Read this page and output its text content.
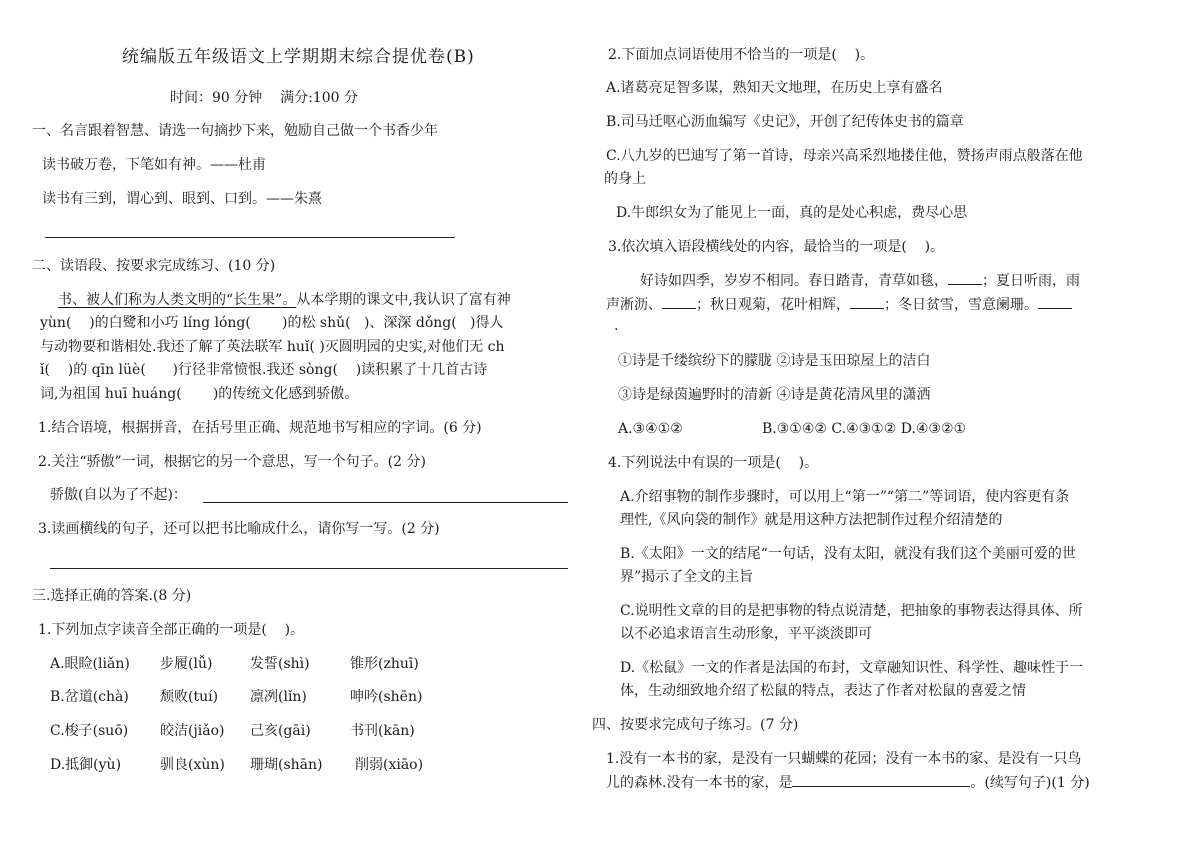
统编版五年级语文上学期期末综合提优卷(B)
时间：90 分钟    满分:100 分
一、名言跟着智慧、请选一句摘抄下来，勉励自己做一个书香少年
读书破万卷，下笔如有神。——杜甫
读书有三到，谓心到、眼到、口到。——朱熹
二、读语段、按要求完成练习、(10 分)
书、被人们称为人类文明的“长生果”。从本学期的课文中,我认识了富有神
yùn(    )的白鹭和小巧 líng lóng(       )的松 shǔ(   )、深深 dǒng(   )得人
与动物要和谐相处.我还了解了英法联军 huǐ( )灭圆明园的史实,对他们无 ch
ǐ(    )的 qīn lüè(      )行径非常愤恨.我还 sòng(    )读积累了十几首古诗
词,为祖国 huī huáng(       )的传统文化感到骄傲。
1.结合语境，根据拼音，在括号里正确、规范地书写相应的字词。(6 分)
2.关注“骄傲”一词，根据它的另一个意思，写一个句子。(2 分)
骄傲(自以为了不起)：
3.读画横线的句子，还可以把书比喻成什么，请你写一写。(2 分)
三.选择正确的答案.(8 分)
1.下列加点字读音全部正确的一项是(    )。
A.眼睑(liǎn) 步履(lǚ)	发誓(shì)	锥形(zhuī)
B.岔道(chà) 颓败(tuí) 凛冽(lǐn)	呻吟(shēn)
C.梭子(suō) 皎洁(jiǎo) 己亥(gāi)	书刊(kān)
D.抵御(yù)	驯良(xùn) 珊瑚(shān) 削弱(xiāo)
2.下面加点词语使用不恰当的一项是(    )。
A.诸葛亮足智多谋，熟知天文地理，在历史上享有盛名
B.司马迁呕心沥血编写《史记》，开创了纪传体史书的篇章
C.八九岁的巴迪写了第一首诗，母亲兴高采烈地搂住他，赞扬声雨点般落在他
的身上
D.牛郎织女为了能见上一面，真的是处心积虑，费尽心思
3.依次填入语段横线处的内容，最恰当的一项是(    )。
好诗如四季，岁岁不相同。春日踏青，青草如毯， ；夏日听雨，雨
声淅沥、 ；秋日观菊，花叶相辉， ；冬日贫雪，雪意阑珊。
.
①诗是千缕缤纷下的朦胧 ②诗是玉田琼屋上的洁白
③诗是绿茵遍野时的清新 ④诗是黄花清风里的潇洒
A.③④①②	B.③①④② C.④③①② D.④③②①
4.下列说法中有误的一项是(    )。
A.介绍事物的制作步骤时，可以用上“第一”“第二”等词语，使内容更有条
理性,《风向袋的制作》就是用这种方法把制作过程介绍清楚的
B.《太阳》一文的结尾“一句话，没有太阳，就没有我们这个美丽可爱的世
界”揭示了全文的主旨
C.说明性文章的目的是把事物的特点说清楚，把抽象的事物表达得具体、所
以不必追求语言生动形象，平平淡淡即可
D.《松鼠》一文的作者是法国的布封，文章融知识性、科学性、趣味性于一
体，生动细致地介绍了松鼠的特点，表达了作者对松鼠的喜爱之情
四、按要求完成句子练习。(7 分)
1.没有一本书的家，是没有一只蝴蝶的花园；没有一本书的家、是没有一只鸟
儿的森林.没有一本书的家，是	。(续写句子)(1 分)
